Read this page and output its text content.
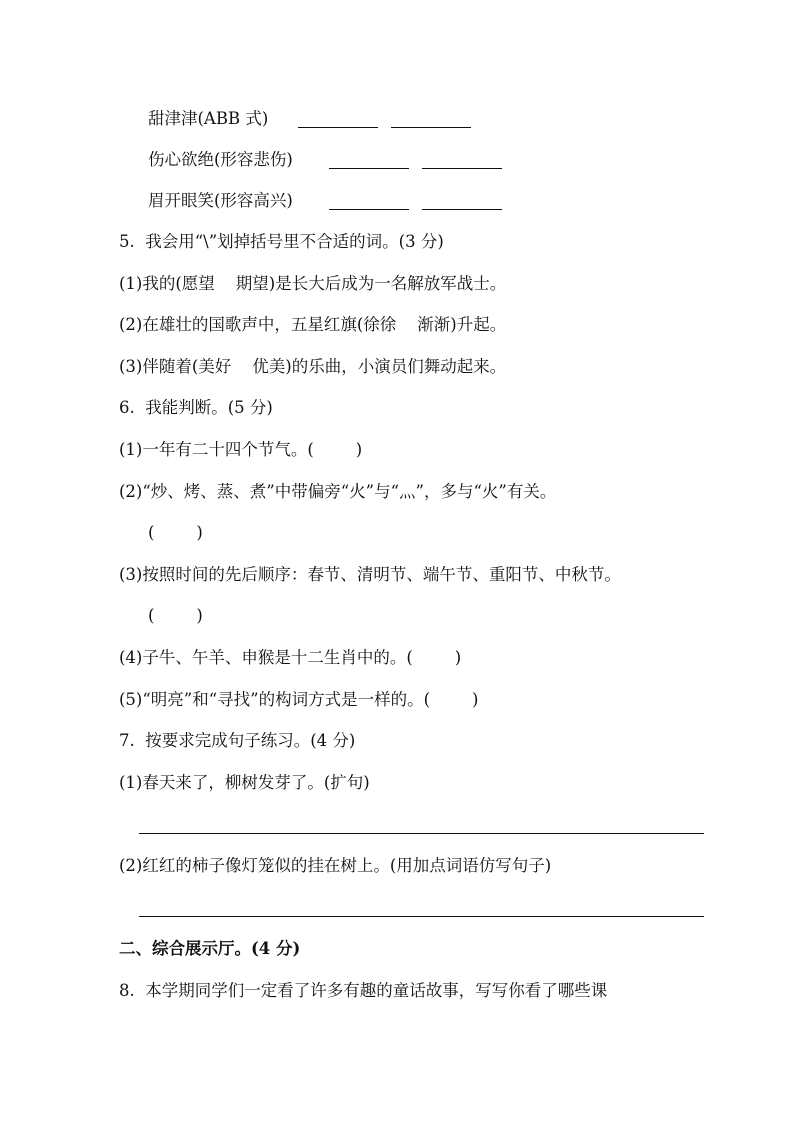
甜津津(ABB 式)
伤心欲绝(形容悲伤)
眉开眼笑(形容高兴)
5.  我会用“\”划掉括号里不合适的词。(3 分)
(1)我的(愿望    期望)是长大后成为一名解放军战士。
(2)在雄壮的国歌声中，五星红旗(徐徐    渐渐)升起。
(3)伴随着(美好    优美)的乐曲，小演员们舞动起来。
6.  我能判断。(5 分)
(1)一年有二十四个节气。(        )
(2)“炒、烤、蒸、煮”中带偏旁“火”与“灬”，多与“火”有关。
(        )
(3)按照时间的先后顺序：春节、清明节、端午节、重阳节、中秋节。
(        )
(4)子牛、午羊、申猴是十二生肖中的。(        )
(5)“明亮”和“寻找”的构词方式是一样的。(        )
7.  按要求完成句子练习。(4 分)
(1)春天来了，柳树发芽了。(扩句)
(2)红红的柿子像灯笼似的挂在树上。(用加点词语仿写句子)
二、综合展示厅。(4 分)
8.  本学期同学们一定看了许多有趣的童话故事，写写你看了哪些课
